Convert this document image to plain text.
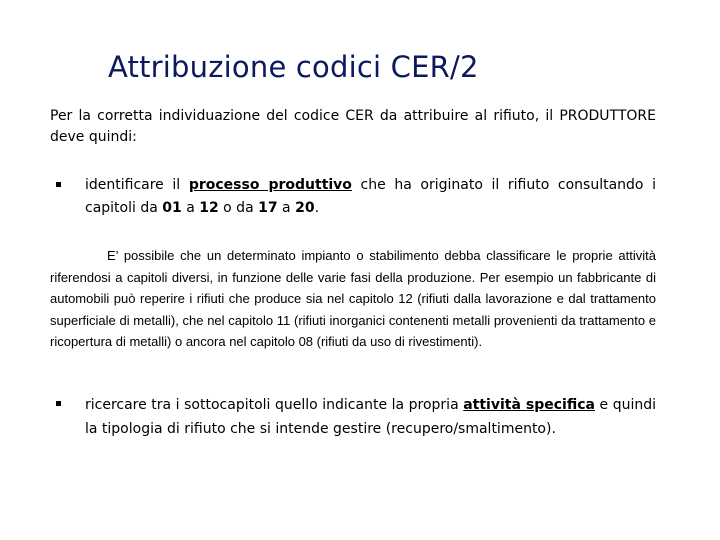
Attribuzione codici CER/2
Per la corretta individuazione del codice CER da attribuire al rifiuto, il PRODUTTORE deve quindi:
identificare il processo produttivo che ha originato il rifiuto consultando i capitoli da 01 a 12 o da 17 a 20.
E’ possibile che un determinato impianto o stabilimento debba classificare le proprie attività riferendosi a capitoli diversi, in funzione delle varie fasi della produzione. Per esempio un fabbricante di automobili può reperire i rifiuti che produce sia nel capitolo 12 (rifiuti dalla lavorazione e dal trattamento superficiale di metalli), che nel capitolo 11 (rifiuti inorganici contenenti metalli provenienti da trattamento e ricopertura di metalli) o ancora nel capitolo 08 (rifiuti da uso di rivestimenti).
ricercare tra i sottocapitoli quello indicante la propria attività specifica e quindi la tipologia di rifiuto che si intende gestire (recupero/smaltimento).
